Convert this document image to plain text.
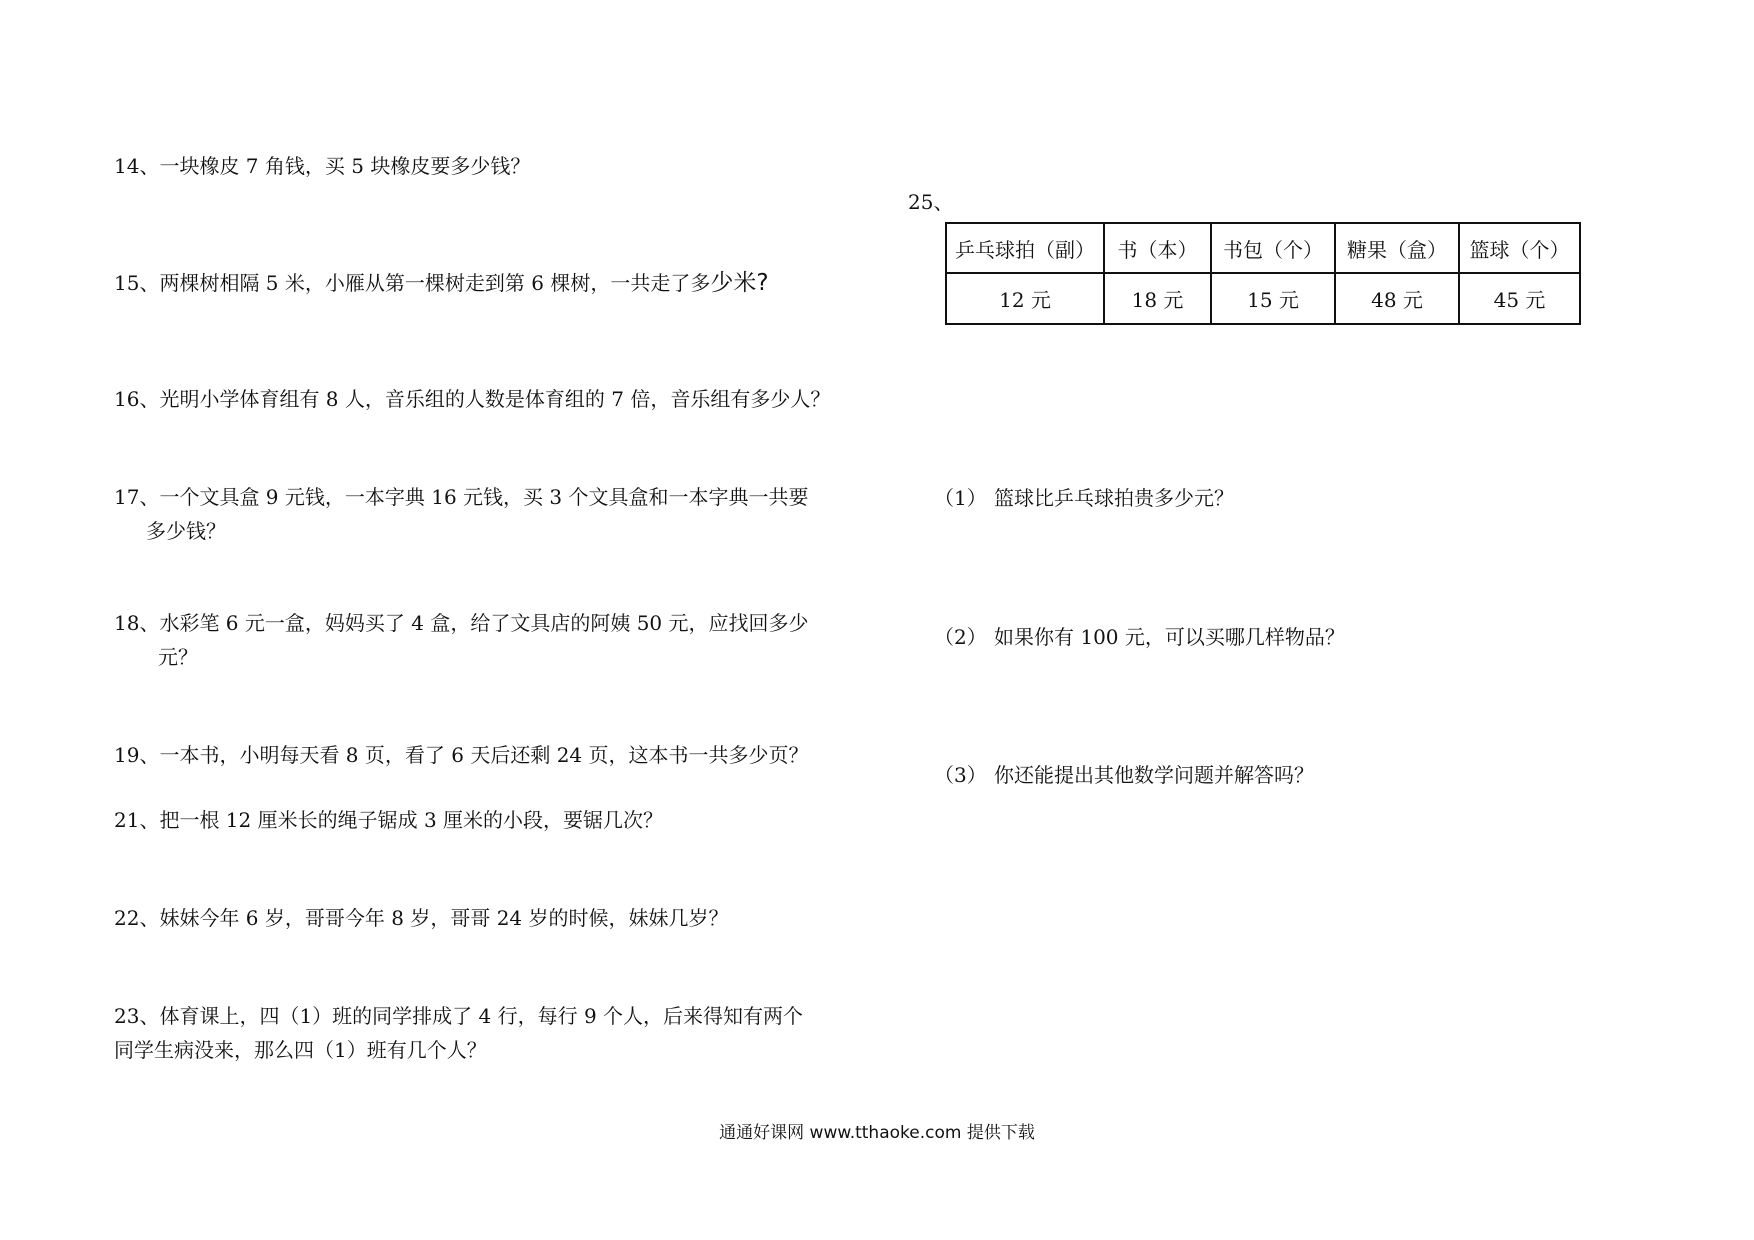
14、一块橡皮 7 角钱，买 5 块橡皮要多少钱？
15、两棵树相隔 5 米，小雁从第一棵树走到第 6 棵树，一共走了多少米?
16、光明小学体育组有 8 人，音乐组的人数是体育组的 7 倍，音乐组有多少人？
17、一个文具盒 9 元钱，一本字典 16 元钱，买 3 个文具盒和一本字典一共要
多少钱？
18、水彩笔 6 元一盒，妈妈买了 4 盒，给了文具店的阿姨 50 元，应找回多少
元？
19、一本书，小明每天看 8 页，看了 6 天后还剩 24 页，这本书一共多少页？
21、把一根 12 厘米长的绳子锯成 3 厘米的小段，要锯几次？
22、妹妹今年 6 岁，哥哥今年 8 岁，哥哥 24 岁的时候，妹妹几岁？
23、体育课上，四（1）班的同学排成了 4 行，每行 9 个人，后来得知有两个
同学生病没来，那么四（1）班有几个人？
25、
乒乓球拍（副）	书（本）	书包（个）	糖果（盒）	篮球（个）
12 元	18 元	15 元	48 元	45 元
（1） 篮球比乒乓球拍贵多少元？
（2） 如果你有 100 元，可以买哪几样物品？
（3） 你还能提出其他数学问题并解答吗？
通通好课网 www.tthaoke.com 提供下载
